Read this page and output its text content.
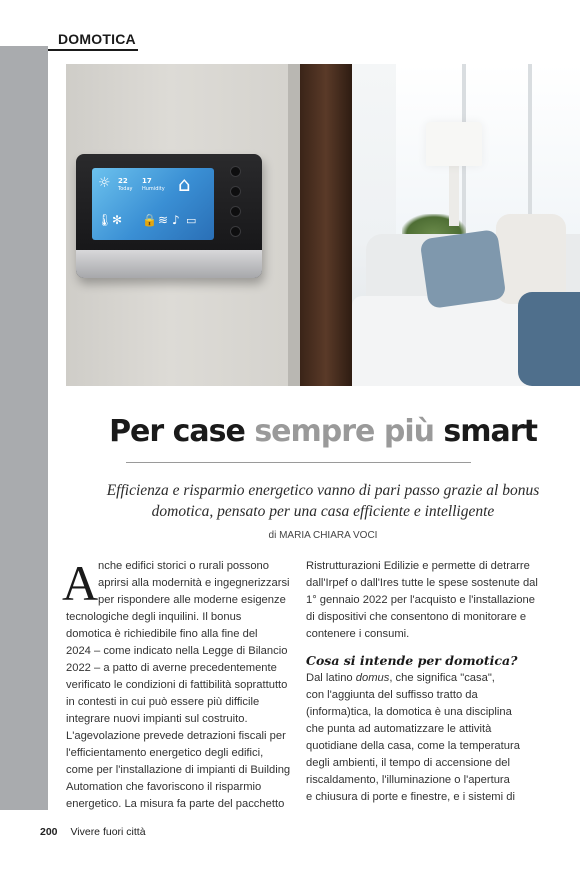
DOMOTICA
☼ 22
Today
17
Humidity ⌂
🌡 ✻ 🔒 ≋ ♪ ▭
Per case sempre più smart

Efficienza e risparmio energetico vanno di pari passo grazie al bonus
domotica, pensato per una casa efficiente e intelligente

di MARIA CHIARA VOCI
A nche edifici storici o rurali possono
aprirsi alla modernità e ingegnerizzarsi
per rispondere alle moderne esigenze
tecnologiche degli inquilini. Il bonus
domotica è richiedibile fino alla fine del
2024 – come indicato nella Legge di Bilancio
2022 – a patto di averne precedentemente
verificato le condizioni di fattibilità soprattutto
in contesti in cui può essere più difficile
integrare nuovi impianti sul costruito.
L'agevolazione prevede detrazioni fiscali per
l'efficientamento energetico degli edifici,
come per l'installazione di impianti di Building
Automation che favoriscono il risparmio
energetico. La misura fa parte del pacchetto
Ristrutturazioni Edilizie e permette di detrarre
dall'Irpef o dall'Ires tutte le spese sostenute dal
1° gennaio 2022 per l'acquisto e l'installazione
di dispositivi che consentono di monitorare e
contenere i consumi.
Cosa si intende per domotica?
Dal latino domus, che significa "casa",
con l'aggiunta del suffisso tratto da
(informa)tica, la domotica è una disciplina
che punta ad automatizzare le attività
quotidiane della casa, come la temperatura
degli ambienti, il tempo di accensione del
riscaldamento, l'illuminazione o l'apertura
e chiusura di porte e finestre, e i sistemi di
200 Vivere fuori città
